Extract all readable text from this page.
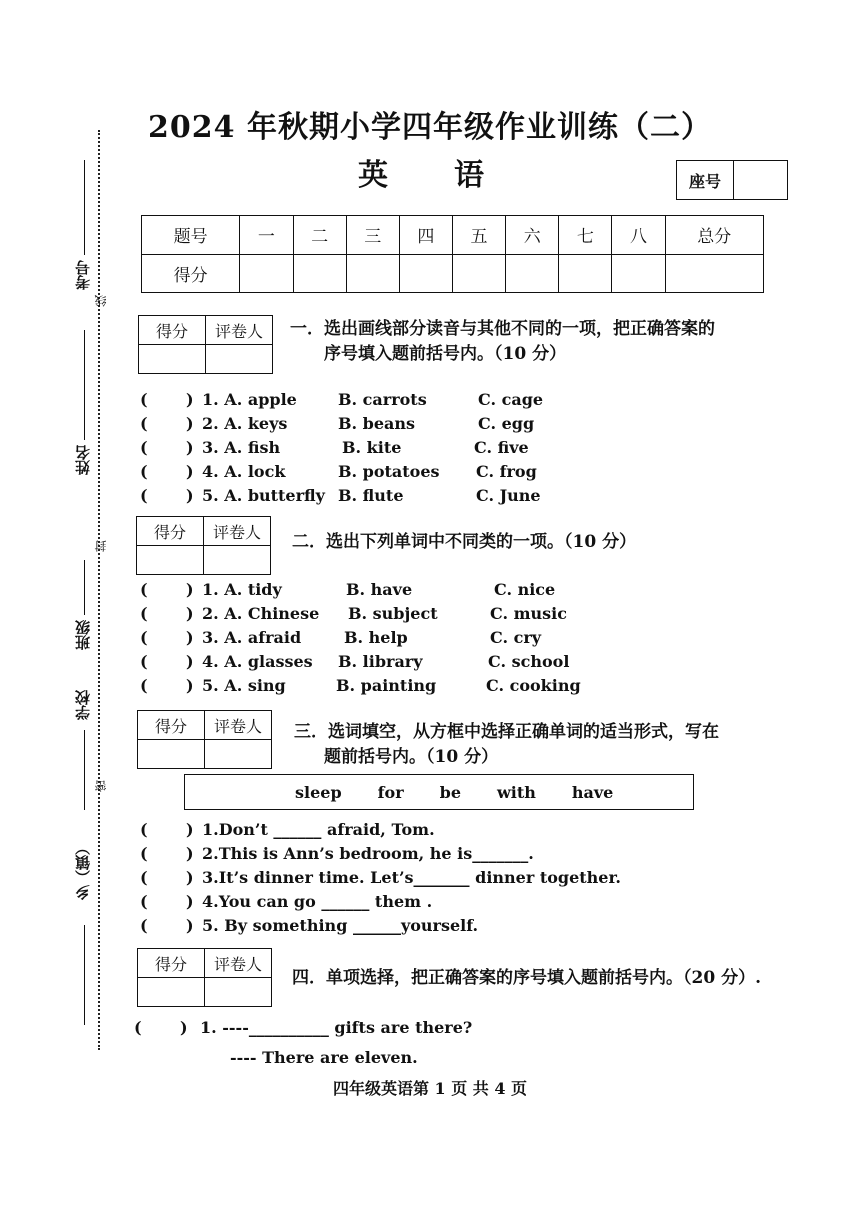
2024 年秋期小学四年级作业训练（二）
英　语	座号
题号	一	二	三	四	五	六	七	八	总分
得分									
考号
线
姓名
封
班级
学校
密
乡（镇）
得分	评卷人
	一．选出画线部分读音与其他不同的一项，把正确答案的
序号填入题前括号内。（10 分）
( ) 1. A. apple	B. carrots	C. cage
( ) 2. A. keys	B. beans	C. egg
( ) 3. A. fish	B. kite	C. five
( ) 4. A. lock	B. potatoes C. frog
( ) 5. A. butterfly B. flute	C. June
得分	评卷人
	二．选出下列单词中不同类的一项。（10 分）
( ) 1. A. tidy	B. have	C. nice
( ) 2. A. Chinese B. subject	C. music
( ) 3. A. afraid	B. help	C. cry
( ) 4. A. glasses B. library	C. school
( ) 5. A. sing	B. painting	C. cooking
得分	评卷人
	三．选词填空，从方框中选择正确单词的适当形式，写在
题前括号内。（10 分）
sleep for be with have
( ) 1.Don’t ______ afraid, Tom.
( ) 2.This is Ann’s bedroom, he is_______.
( ) 3.It’s dinner time. Let’s_______ dinner together.
( ) 4.You can go ______ them .
( ) 5. By something ______yourself.
得分	评卷人

四．单项选择，把正确答案的序号填入题前括号内。（20 分）.
( ) 1. ----__________ gifts are there?
---- There are eleven.
四年级英语第 1 页 共 4 页
